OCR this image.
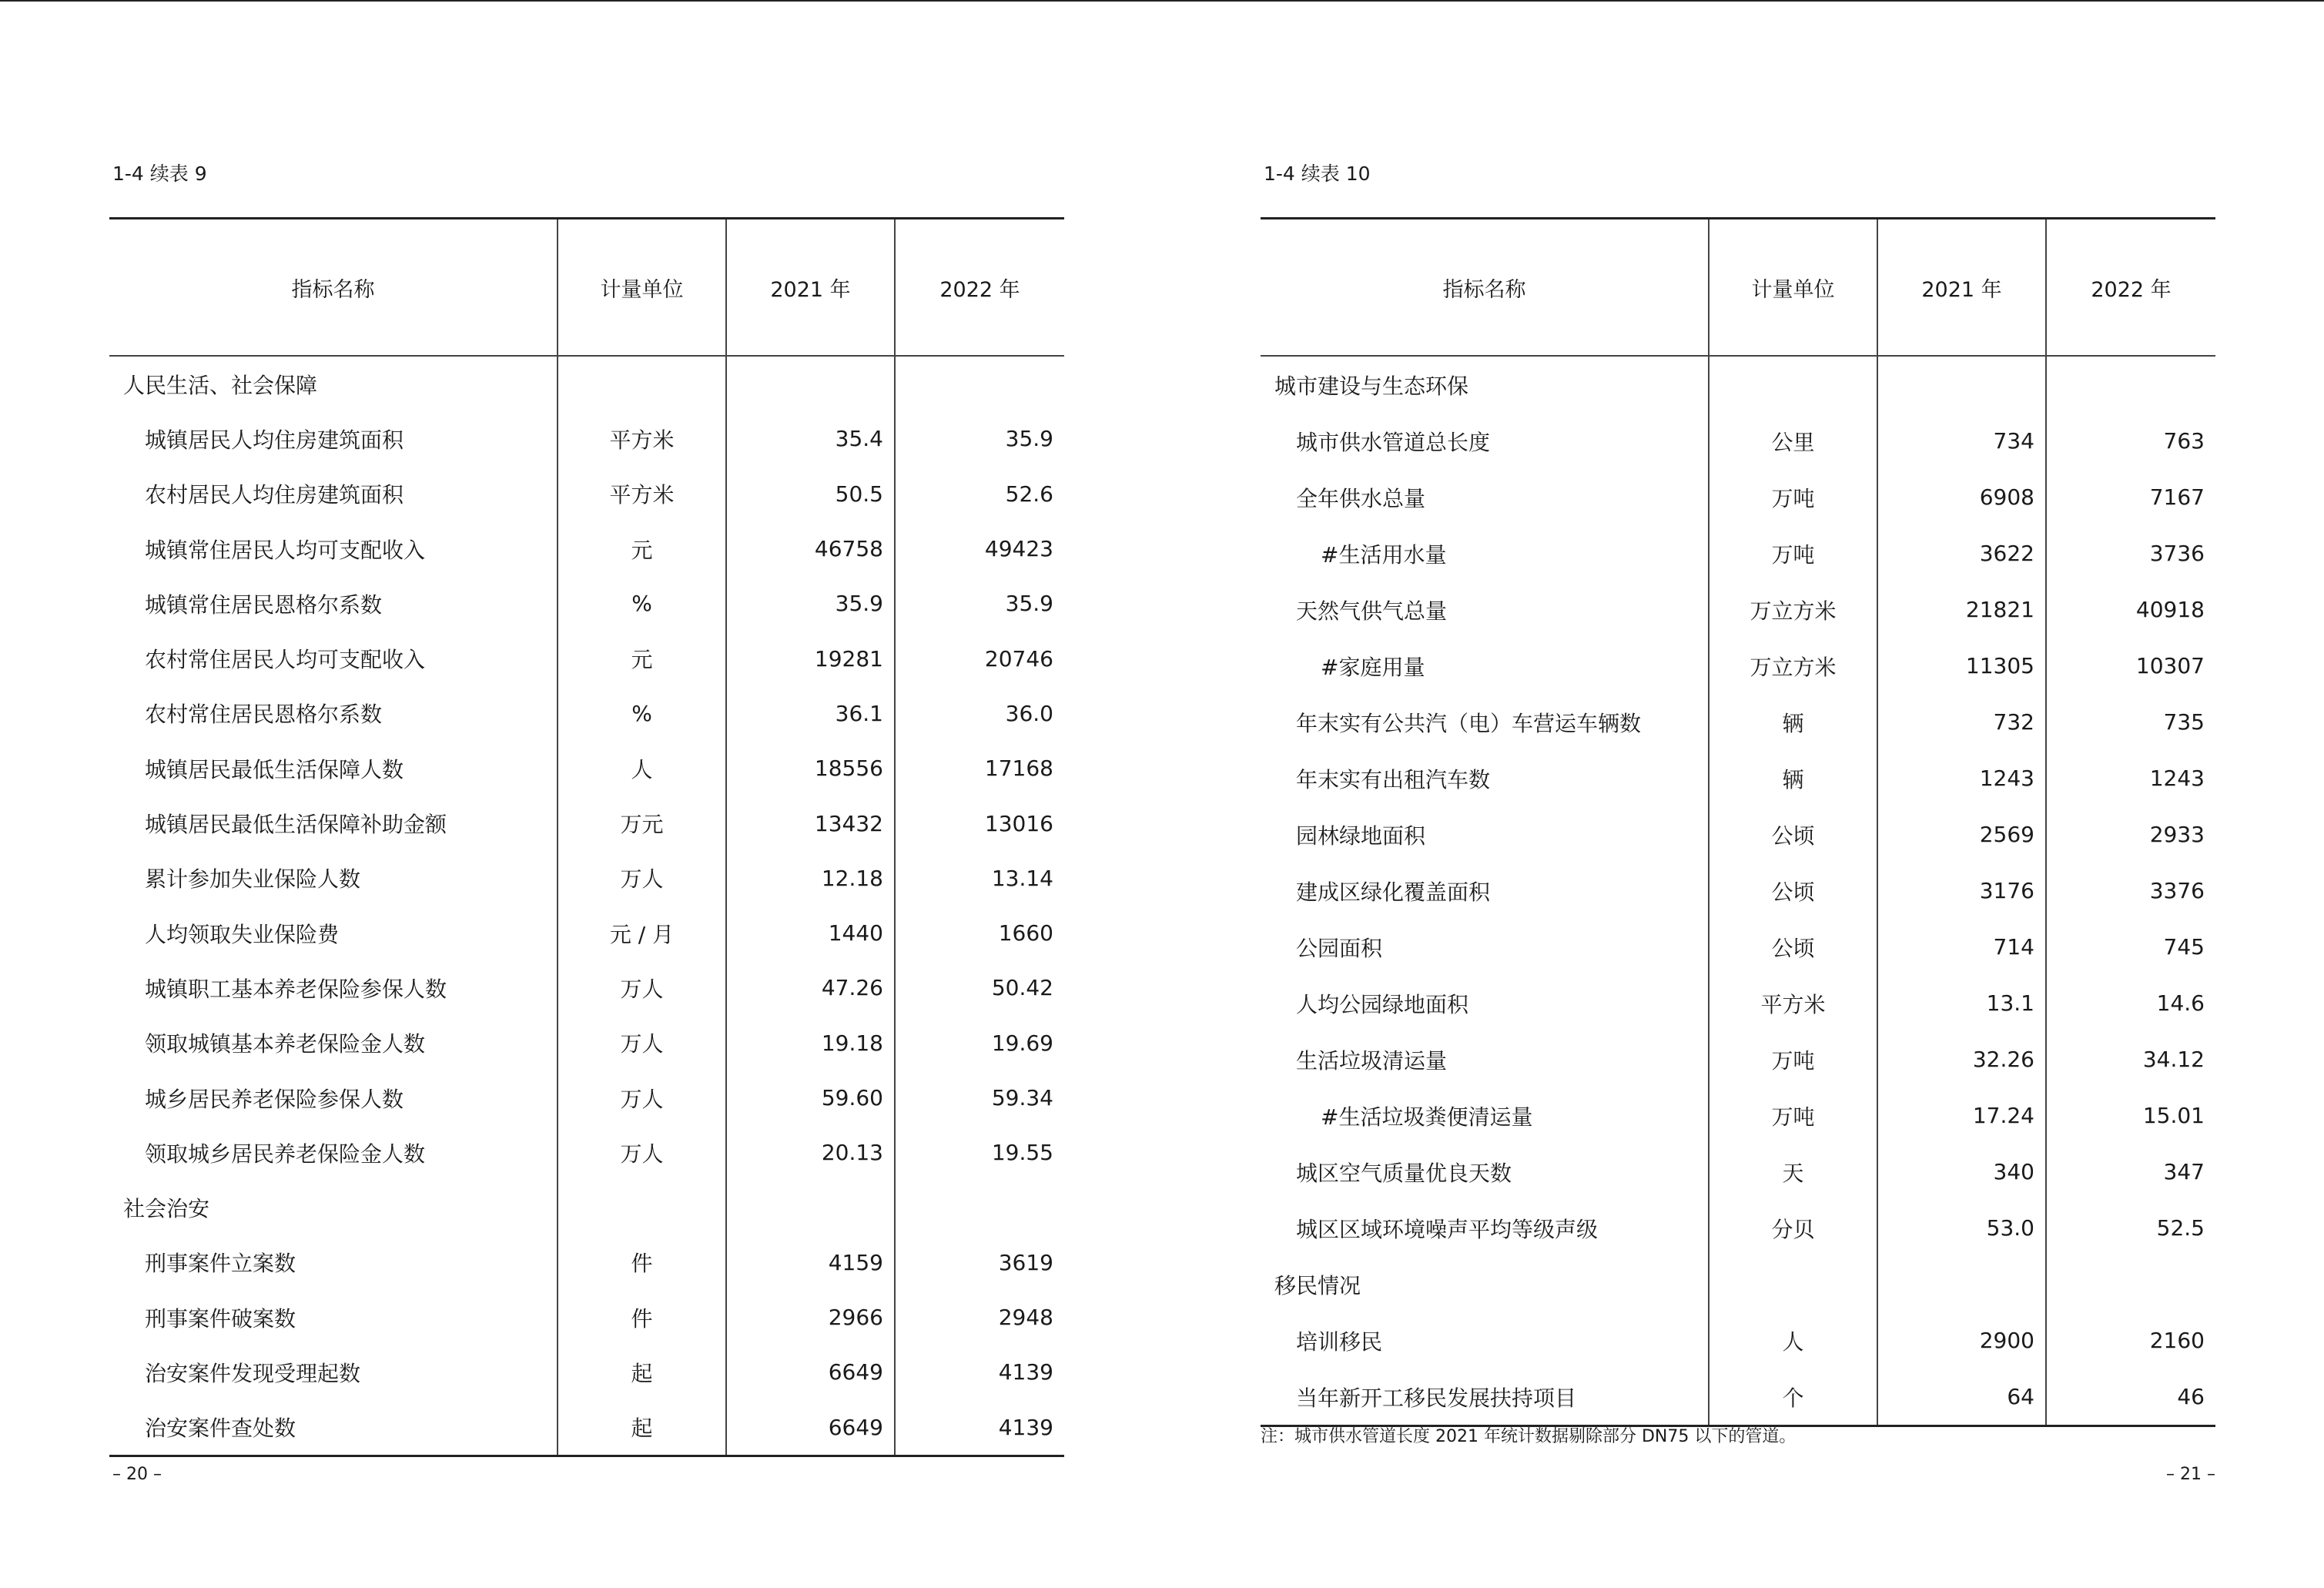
1-4 续表 9
指标名称	计量单位	2021 年	2022 年
人民生活、社会保障			
城镇居民人均住房建筑面积	平方米	35.4	35.9
农村居民人均住房建筑面积	平方米	50.5	52.6
城镇常住居民人均可支配收入	元	46758	49423
城镇常住居民恩格尔系数	%	35.9	35.9
农村常住居民人均可支配收入	元	19281	20746
农村常住居民恩格尔系数	%	36.1	36.0
城镇居民最低生活保障人数	人	18556	17168
城镇居民最低生活保障补助金额	万元	13432	13016
累计参加失业保险人数	万人	12.18	13.14
人均领取失业保险费	元 / 月	1440	1660
城镇职工基本养老保险参保人数	万人	47.26	50.42
领取城镇基本养老保险金人数	万人	19.18	19.69
城乡居民养老保险参保人数	万人	59.60	59.34
领取城乡居民养老保险金人数	万人	20.13	19.55
社会治安			
刑事案件立案数	件	4159	3619
刑事案件破案数	件	2966	2948
治安案件发现受理起数	起	6649	4139
治安案件查处数	起	6649	4139
– 20 –
1-4 续表 10
指标名称	计量单位	2021 年	2022 年
城市建设与生态环保			
城市供水管道总长度	公里	734	763
全年供水总量	万吨	6908	7167
#生活用水量	万吨	3622	3736
天然气供气总量	万立方米	21821	40918
#家庭用量	万立方米	11305	10307
年末实有公共汽（电）车营运车辆数	辆	732	735
年末实有出租汽车数	辆	1243	1243
园林绿地面积	公顷	2569	2933
建成区绿化覆盖面积	公顷	3176	3376
公园面积	公顷	714	745
人均公园绿地面积	平方米	13.1	14.6
生活垃圾清运量	万吨	32.26	34.12
#生活垃圾粪便清运量	万吨	17.24	15.01
城区空气质量优良天数	天	340	347
城区区域环境噪声平均等级声级	分贝	53.0	52.5
移民情况			
培训移民	人	2900	2160
当年新开工移民发展扶持项目	个	64	46
注：城市供水管道长度 2021 年统计数据剔除部分 DN75 以下的管道。
– 21 –
